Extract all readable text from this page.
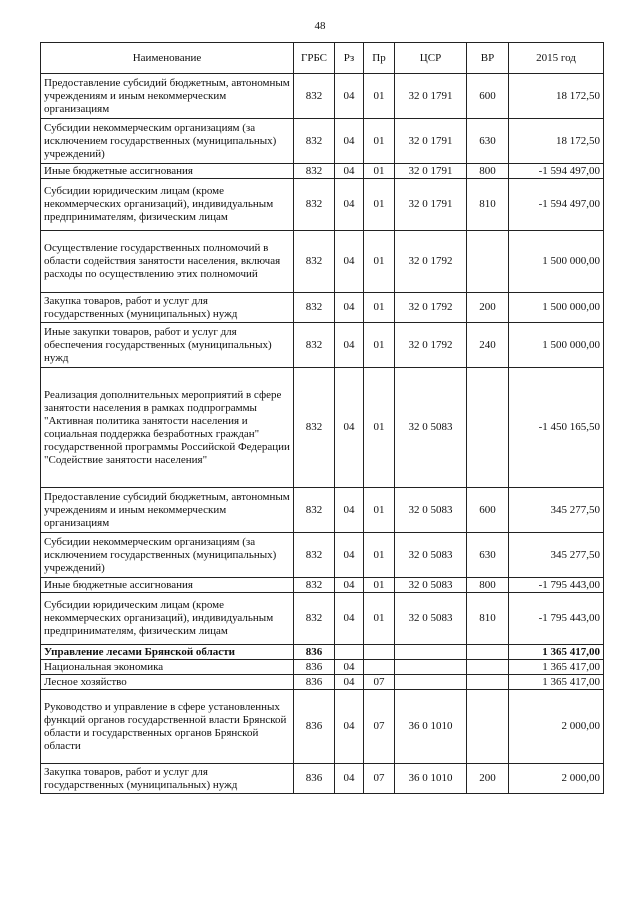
48
Наименование	ГРБС	Рз	Пр	ЦСР	ВР	2015 год
Предоставление субсидий бюджетным, автономным учреждениям и иным некоммерческим организациям	832	04	01	32 0 1791	600	18 172,50
Субсидии некоммерческим организациям (за исключением государственных (муниципальных) учреждений)	832	04	01	32 0 1791	630	18 172,50
Иные бюджетные ассигнования	832	04	01	32 0 1791	800	-1 594 497,00
Субсидии юридическим лицам (кроме некоммерческих организаций), индивидуальным предпринимателям, физическим лицам	832	04	01	32 0 1791	810	-1 594 497,00
Осуществление государственных полномочий в области содействия занятости населения, включая расходы по осуществлению этих полномочий	832	04	01	32 0 1792		1 500 000,00
Закупка товаров, работ и услуг для государственных (муниципальных) нужд	832	04	01	32 0 1792	200	1 500 000,00
Иные закупки товаров, работ и услуг для обеспечения государственных (муниципальных) нужд	832	04	01	32 0 1792	240	1 500 000,00
Реализация дополнительных мероприятий в сфере занятости населения в рамках подпрограммы "Активная политика занятости населения и социальная поддержка безработных граждан" государственной программы Российской Федерации "Содействие занятости населения"	832	04	01	32 0 5083		-1 450 165,50
Предоставление субсидий бюджетным, автономным учреждениям и иным некоммерческим организациям	832	04	01	32 0 5083	600	345 277,50
Субсидии некоммерческим организациям (за исключением государственных (муниципальных) учреждений)	832	04	01	32 0 5083	630	345 277,50
Иные бюджетные ассигнования	832	04	01	32 0 5083	800	-1 795 443,00
Субсидии юридическим лицам (кроме некоммерческих организаций), индивидуальным предпринимателям, физическим лицам	832	04	01	32 0 5083	810	-1 795 443,00
Управление лесами Брянской области	836					1 365 417,00
Национальная экономика	836	04				1 365 417,00
Лесное хозяйство	836	04	07			1 365 417,00
Руководство и управление в сфере установленных функций органов государственной власти Брянской области и государственных органов Брянской области	836	04	07	36 0 1010		2 000,00
Закупка товаров, работ и услуг для государственных (муниципальных) нужд	836	04	07	36 0 1010	200	2 000,00
